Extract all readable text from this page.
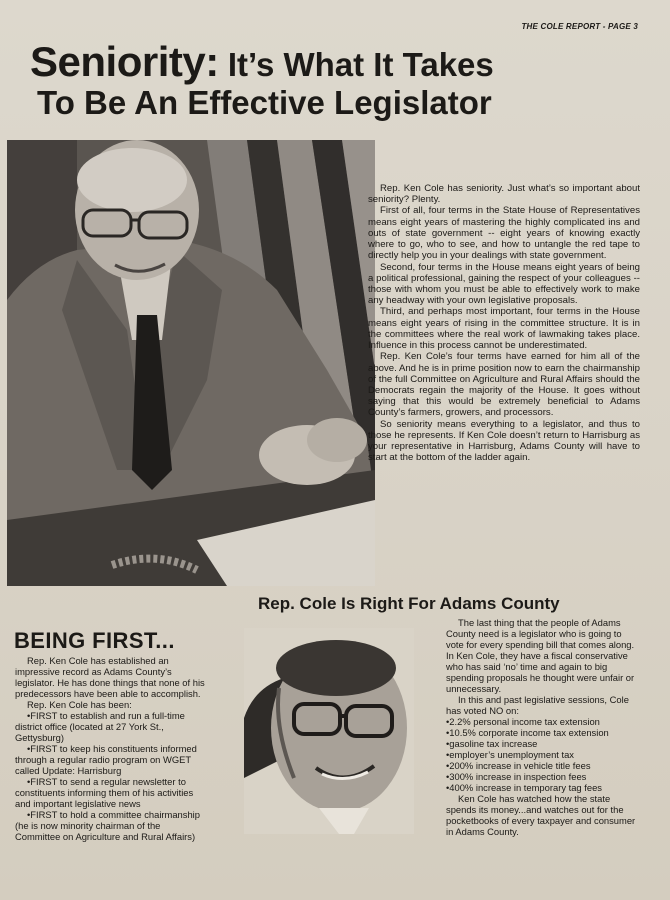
THE COLE REPORT - PAGE 3
Seniority: It’s What It Takes
To Be An Effective Legislator

Rep. Ken Cole has seniority. Just what’s so important about seniority? Plenty.

First of all, four terms in the State House of Representatives means eight years of mastering the highly complicated ins and outs of state government -- eight years of knowing exactly where to go, who to see, and how to untangle the red tape to directly help you in your dealings with state government.

Second, four terms in the House means eight years of being a political professional, gaining the respect of your colleagues -- those with whom you must be able to effectively work to make any headway with your own legislative proposals.

Third, and perhaps most important, four terms in the House means eight years of rising in the committee structure. It is in the committees where the real work of lawmaking takes place. Influence in this process cannot be underestimated.

Rep. Ken Cole’s four terms have earned for him all of the above. And he is in prime position now to earn the chairmanship of the full Committee on Agriculture and Rural Affairs should the Democrats regain the majority of the House. It goes without saying that this would be extremely beneficial to Adams County’s farmers, growers, and processors.

So seniority means everything to a legislator, and thus to those he represents. If Ken Cole doesn’t return to Harrisburg as your representative in Harrisburg, Adams County will have to start at the bottom of the ladder again.

Rep. Cole Is Right For Adams County
BEING FIRST...

Rep. Ken Cole has established an impressive record as Adams County’s legislator. He has done things that none of his predecessors have been able to accomplish.

Rep. Ken Cole has been:

•FIRST to establish and run a full-time district office (located at 27 York St., Gettysburg)

•FIRST to keep his constituents informed through a regular radio program on WGET called Update: Harrisburg

•FIRST to send a regular newsletter to constituents informing them of his activities and important legislative news

•FIRST to hold a committee chairmanship (he is now minority chairman of the Committee on Agriculture and Rural Affairs)

The last thing that the people of Adams County need is a legislator who is going to vote for every spending bill that comes along. In Ken Cole, they have a fiscal conservative who has said ‘no’ time and again to big spending proposals he thought were unfair or unnecessary.

In this and past legislative sessions, Cole has voted NO on:

•2.2% personal income tax extension

•10.5% corporate income tax extension

•gasoline tax increase

•employer’s unemployment tax

•200% increase in vehicle title fees

•300% increase in inspection fees

•400% increase in temporary tag fees

Ken Cole has watched how the state spends its money...and watches out for the pocketbooks of every taxpayer and consumer in Adams County.
